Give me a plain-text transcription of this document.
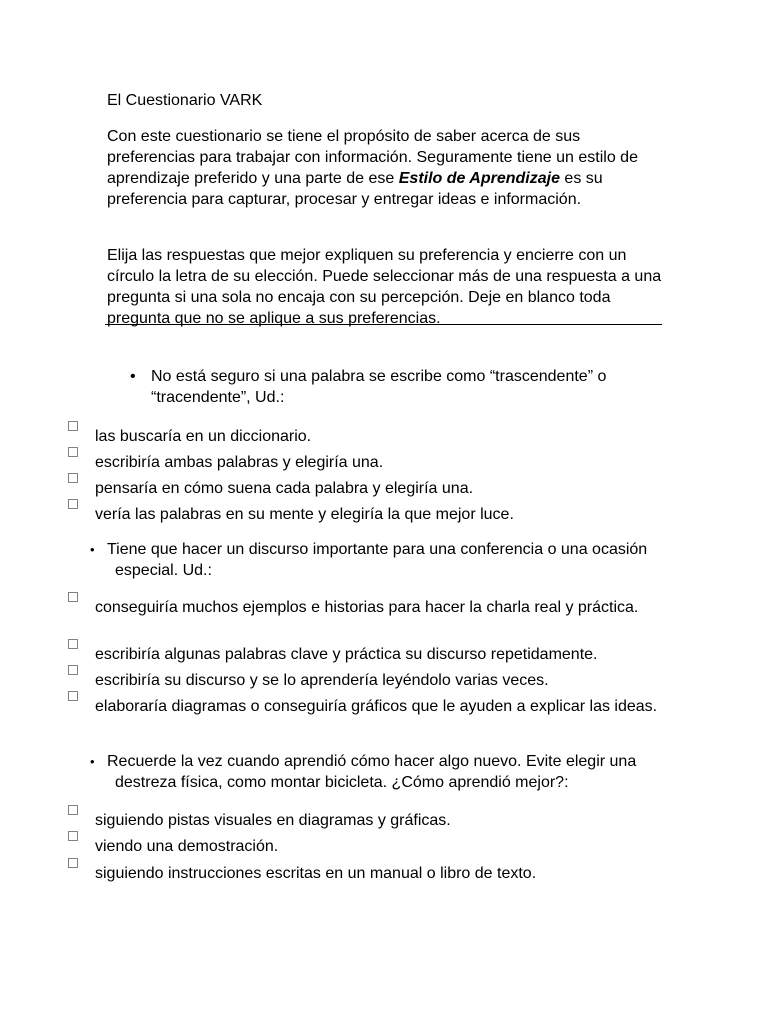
El Cuestionario VARK
Con este cuestionario se tiene el propósito de saber acerca de sus preferencias para trabajar con información. Seguramente tiene un estilo de aprendizaje preferido y una parte de ese Estilo de Aprendizaje es su preferencia para capturar, procesar y entregar ideas e información.
Elija las respuestas que mejor expliquen su preferencia y encierre con un círculo la letra de su elección. Puede seleccionar más de una respuesta a una pregunta si una sola no encaja con su percepción. Deje en blanco toda pregunta que no se aplique a sus preferencias.
• No está seguro si una palabra se escribe como “trascendente” o “tracendente”, Ud.:
las buscaría en un diccionario.
escribiría ambas palabras y elegiría una.
pensaría en cómo suena cada palabra y elegiría una.
vería las palabras en su mente y elegiría la que mejor luce.
• Tiene que hacer un discurso importante para una conferencia o una ocasión especial. Ud.:
conseguiría muchos ejemplos e historias para hacer la charla real y práctica.
escribiría algunas palabras clave y práctica su discurso repetidamente.
escribiría su discurso y se lo aprendería leyéndolo varias veces.
elaboraría diagramas o conseguiría gráficos que le ayuden a explicar las ideas.
• Recuerde la vez cuando aprendió cómo hacer algo nuevo. Evite elegir una destreza física, como montar bicicleta. ¿Cómo aprendió mejor?:
siguiendo pistas visuales en diagramas y gráficas.
viendo una demostración.
siguiendo instrucciones escritas en un manual o libro de texto.
